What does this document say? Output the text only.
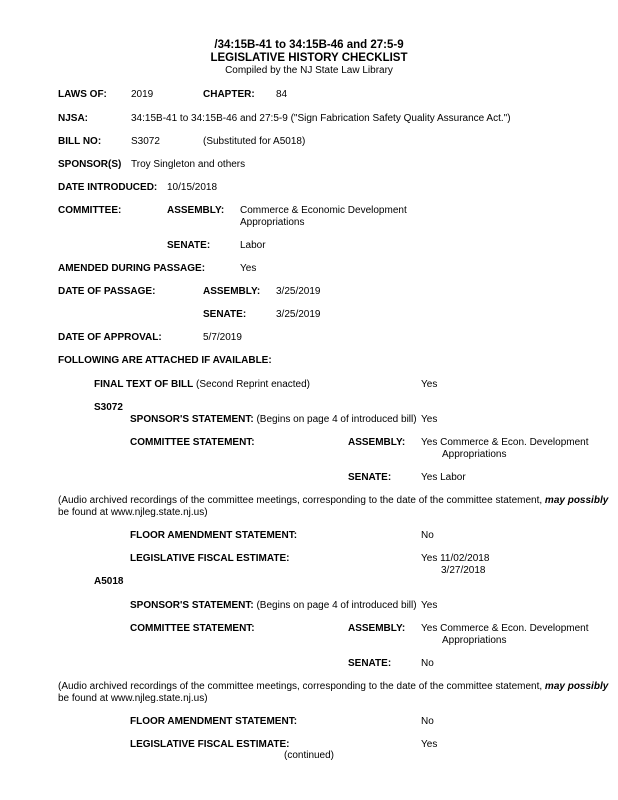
/34:15B-41 to 34:15B-46 and 27:5-9
LEGISLATIVE HISTORY CHECKLIST
Compiled by the NJ State Law Library
LAWS OF: 2019	CHAPTER: 84
NJSA:	34:15B-41 to 34:15B-46 and 27:5-9 ("Sign Fabrication Safety Quality Assurance Act.")
BILL NO:	S3072	(Substituted for A5018)
SPONSOR(S) Troy Singleton and others
DATE INTRODUCED: 10/15/2018
COMMITTEE:	ASSEMBLY: Commerce & Economic Development
Appropriations
SENATE:	Labor
AMENDED DURING PASSAGE:	Yes
DATE OF PASSAGE:	ASSEMBLY: 3/25/2019
SENATE:	3/25/2019
DATE OF APPROVAL:	5/7/2019
FOLLOWING ARE ATTACHED IF AVAILABLE:
FINAL TEXT OF BILL (Second Reprint enacted)	Yes
S3072
SPONSOR'S STATEMENT: (Begins on page 4 of introduced bill) Yes
COMMITTEE STATEMENT:	ASSEMBLY: Yes Commerce & Econ. Development
Appropriations
SENATE:	Yes Labor
(Audio archived recordings of the committee meetings, corresponding to the date of the committee statement, may possibly
be found at www.njleg.state.nj.us)
FLOOR AMENDMENT STATEMENT:	No
LEGISLATIVE FISCAL ESTIMATE:	Yes 11/02/2018
3/27/2018
A5018
SPONSOR'S STATEMENT: (Begins on page 4 of introduced bill) Yes
COMMITTEE STATEMENT:	ASSEMBLY: Yes Commerce & Econ. Development
Appropriations
SENATE:	No
(Audio archived recordings of the committee meetings, corresponding to the date of the committee statement, may possibly
be found at www.njleg.state.nj.us)
FLOOR AMENDMENT STATEMENT:	No
LEGISLATIVE FISCAL ESTIMATE:	Yes
(continued)
